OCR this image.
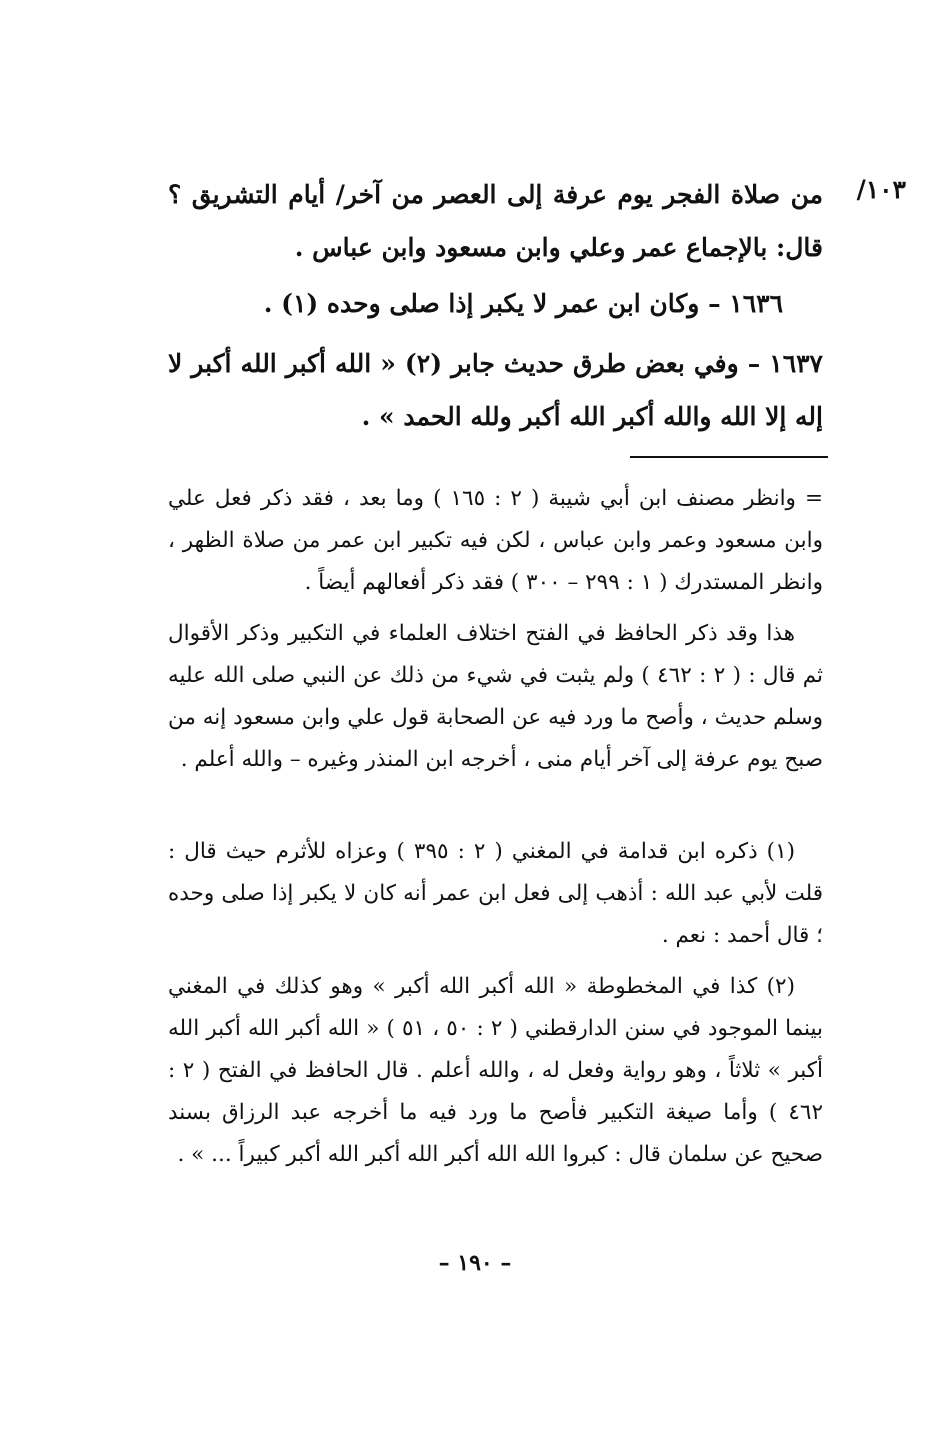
١٠٣/
من صلاة الفجر يوم عرفة إلى العصر من آخر/ أيام التشريق ؟ قال: بالإجماع عمر وعلي وابن مسعود وابن عباس .
١٦٣٦ – وكان ابن عمر لا يكبر إذا صلى وحده (١) .
١٦٣٧ – وفي بعض طرق حديث جابر (٢) « الله أكبر الله أكبر لا إله إلا الله والله أكبر الله أكبر ولله الحمد » .

= وانظر مصنف ابن أبي شيبة ( ٢ : ١٦٥ ) وما بعد ، فقد ذكر فعل علي وابن مسعود وعمر وابن عباس ، لكن فيه تكبير ابن عمر من صلاة الظهر ، وانظر المستدرك ( ١ : ٢٩٩ – ٣٠٠ ) فقد ذكر أفعالهم أيضاً .

هذا وقد ذكر الحافظ في الفتح اختلاف العلماء في التكبير وذكر الأقوال ثم قال : ( ٢ : ٤٦٢ ) ولم يثبت في شيء من ذلك عن النبي صلى الله عليه وسلم حديث ، وأصح ما ورد فيه عن الصحابة قول علي وابن مسعود إنه من صبح يوم عرفة إلى آخر أيام منى ، أخرجه ابن المنذر وغيره – والله أعلم .

(١) ذكره ابن قدامة في المغني ( ٢ : ٣٩٥ ) وعزاه للأثرم حيث قال : قلت لأبي عبد الله : أذهب إلى فعل ابن عمر أنه كان لا يكبر إذا صلى وحده ؛ قال أحمد : نعم .

(٢) كذا في المخطوطة « الله أكبر الله أكبر » وهو كذلك في المغني بينما الموجود في سنن الدارقطني ( ٢ : ٥٠ ، ٥١ ) « الله أكبر الله أكبر الله أكبر » ثلاثاً ، وهو رواية وفعل له ، والله أعلم . قال الحافظ في الفتح ( ٢ : ٤٦٢ ) وأما صيغة التكبير فأصح ما ورد فيه ما أخرجه عبد الرزاق بسند صحيح عن سلمان قال : كبروا الله الله أكبر الله أكبر الله أكبر كبيراً ... » .

– ١٩٠ –
